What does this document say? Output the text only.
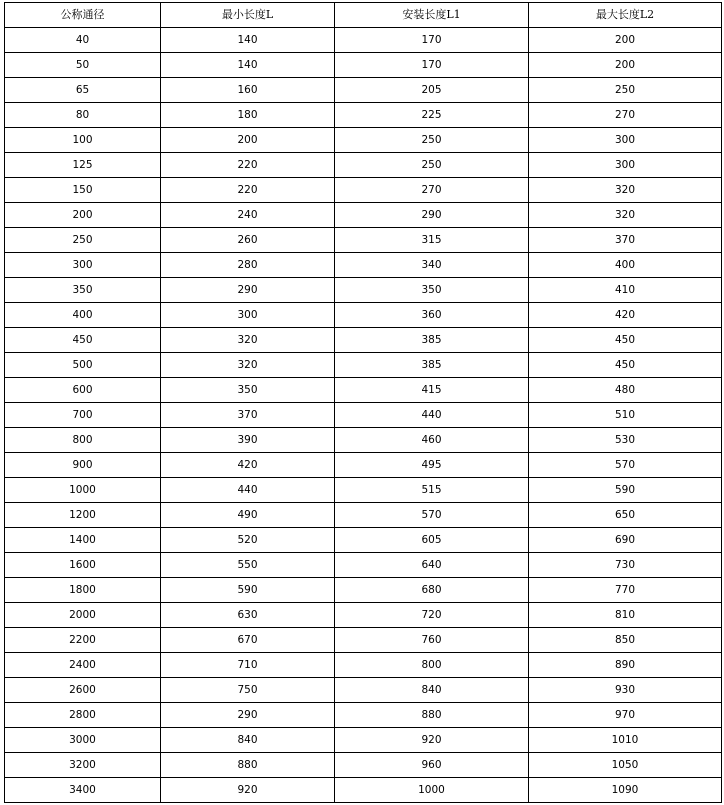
公称通径	最小长度L	安装长度L1	最大长度L2
40	140	170	200
50	140	170	200
65	160	205	250
80	180	225	270
100	200	250	300
125	220	250	300
150	220	270	320
200	240	290	320
250	260	315	370
300	280	340	400
350	290	350	410
400	300	360	420
450	320	385	450
500	320	385	450
600	350	415	480
700	370	440	510
800	390	460	530
900	420	495	570
1000	440	515	590
1200	490	570	650
1400	520	605	690
1600	550	640	730
1800	590	680	770
2000	630	720	810
2200	670	760	850
2400	710	800	890
2600	750	840	930
2800	290	880	970
3000	840	920	1010
3200	880	960	1050
3400	920	1000	1090
